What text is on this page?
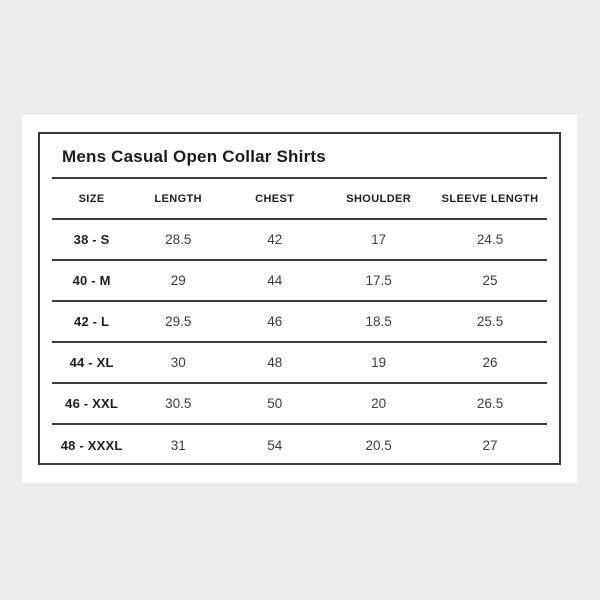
Mens Casual Open Collar Shirts
SIZE	LENGTH	CHEST	SHOULDER	SLEEVE LENGTH
38 - S	28.5	42	17	24.5
40 - M	29	44	17.5	25
42 - L	29.5	46	18.5	25.5
44 - XL	30	48	19	26
46 - XXL	30.5	50	20	26.5
48 - XXXL	31	54	20.5	27
